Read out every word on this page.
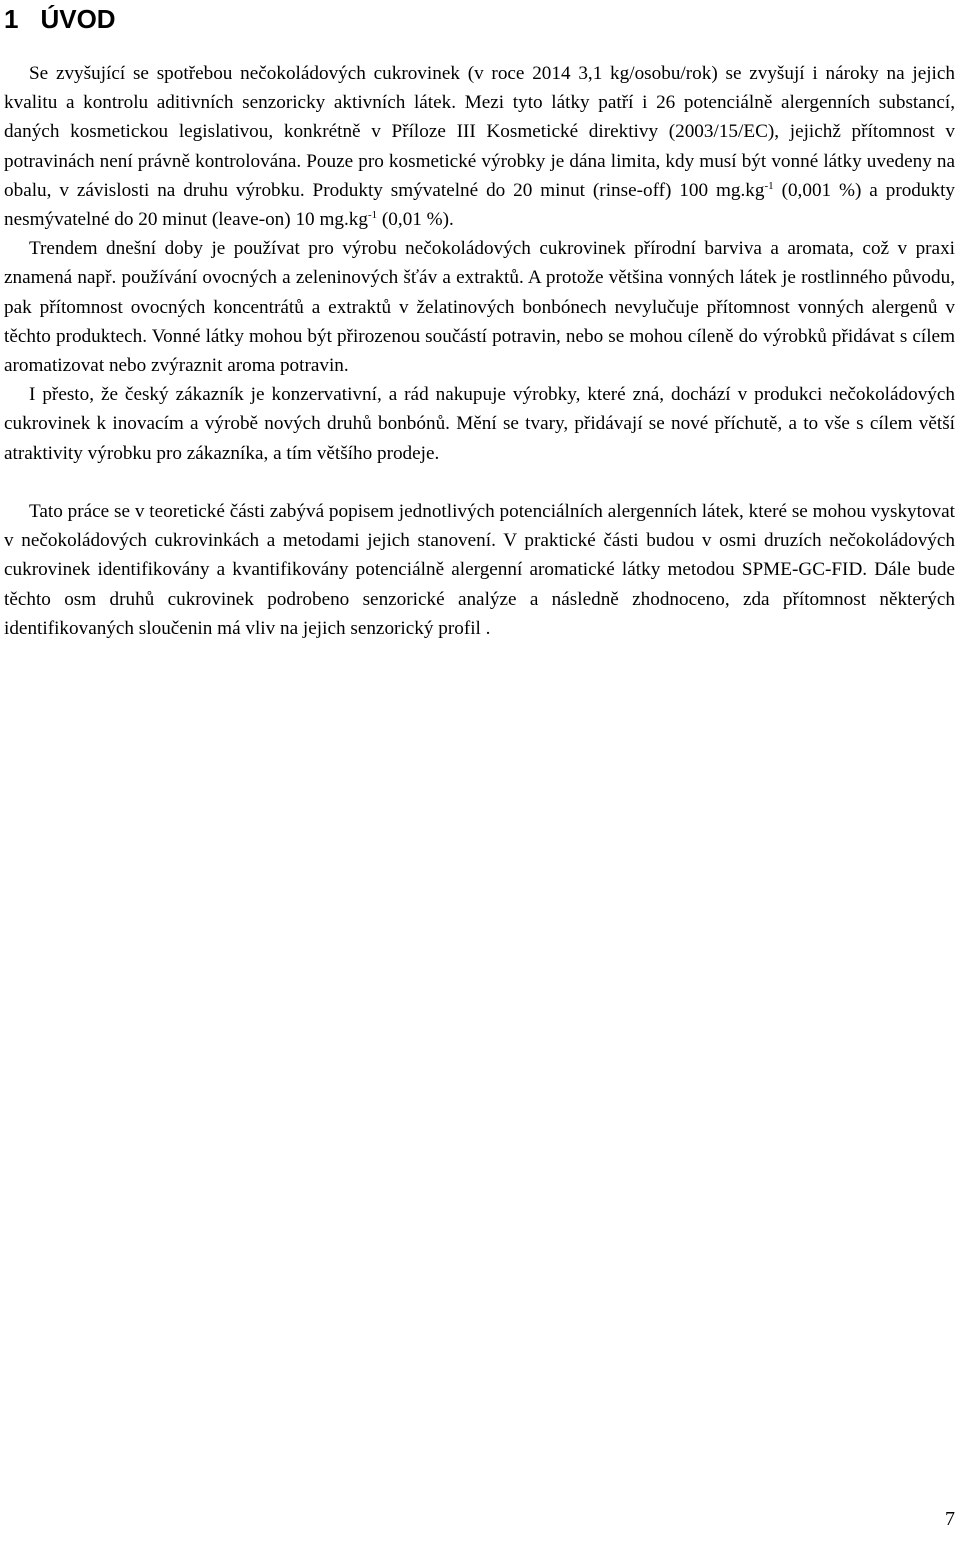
1 ÚVOD

Se zvyšující se spotřebou nečokoládových cukrovinek (v roce 2014 3,1 kg/osobu/rok) se zvyšují i nároky na jejich kvalitu a kontrolu aditivních senzoricky aktivních látek. Mezi tyto látky patří i 26 potenciálně alergenních substancí, daných kosmetickou legislativou, konkrétně v Příloze III Kosmetické direktivy (2003/15/EC), jejichž přítomnost v potravinách není právně kontrolována. Pouze pro kosmetické výrobky je dána limita, kdy musí být vonné látky uvedeny na obalu, v závislosti na druhu výrobku. Produkty smývatelné do 20 minut (rinse-off) 100 $mg.kg^{-1}$ (0,001 %) a produkty nesmývatelné do 20 minut (leave-on) 10 $mg.kg^{-1}$ (0,01 %).

Trendem dnešní doby je používat pro výrobu nečokoládových cukrovinek přírodní barviva a aromata, což v praxi znamená např. používání ovocných a zeleninových šťáv a extraktů. A protože většina vonných látek je rostlinného původu, pak přítomnost ovocných koncentrátů a extraktů v želatinových bonbónech nevylučuje přítomnost vonných alergenů v těchto produktech. Vonné látky mohou být přirozenou součástí potravin, nebo se mohou cíleně do výrobků přidávat s cílem aromatizovat nebo zvýraznit aroma potravin.

I přesto, že český zákazník je konzervativní, a rád nakupuje výrobky, které zná, dochází v produkci nečokoládových cukrovinek k inovacím a výrobě nových druhů bonbónů. Mění se tvary, přidávají se nové příchutě, a to vše s cílem větší atraktivity výrobku pro zákazníka, a tím většího prodeje.

Tato práce se v teoretické části zabývá popisem jednotlivých potenciálních alergenních látek, které se mohou vyskytovat v nečokoládových cukrovinkách a metodami jejich stanovení. V praktické části budou v osmi druzích nečokoládových cukrovinek identifikovány a kvantifikovány potenciálně alergenní aromatické látky metodou SPME-GC-FID. Dále bude těchto osm druhů cukrovinek podrobeno senzorické analýze a následně zhodnoceno, zda přítomnost některých identifikovaných sloučenin má vliv na jejich senzorický profil .

7
